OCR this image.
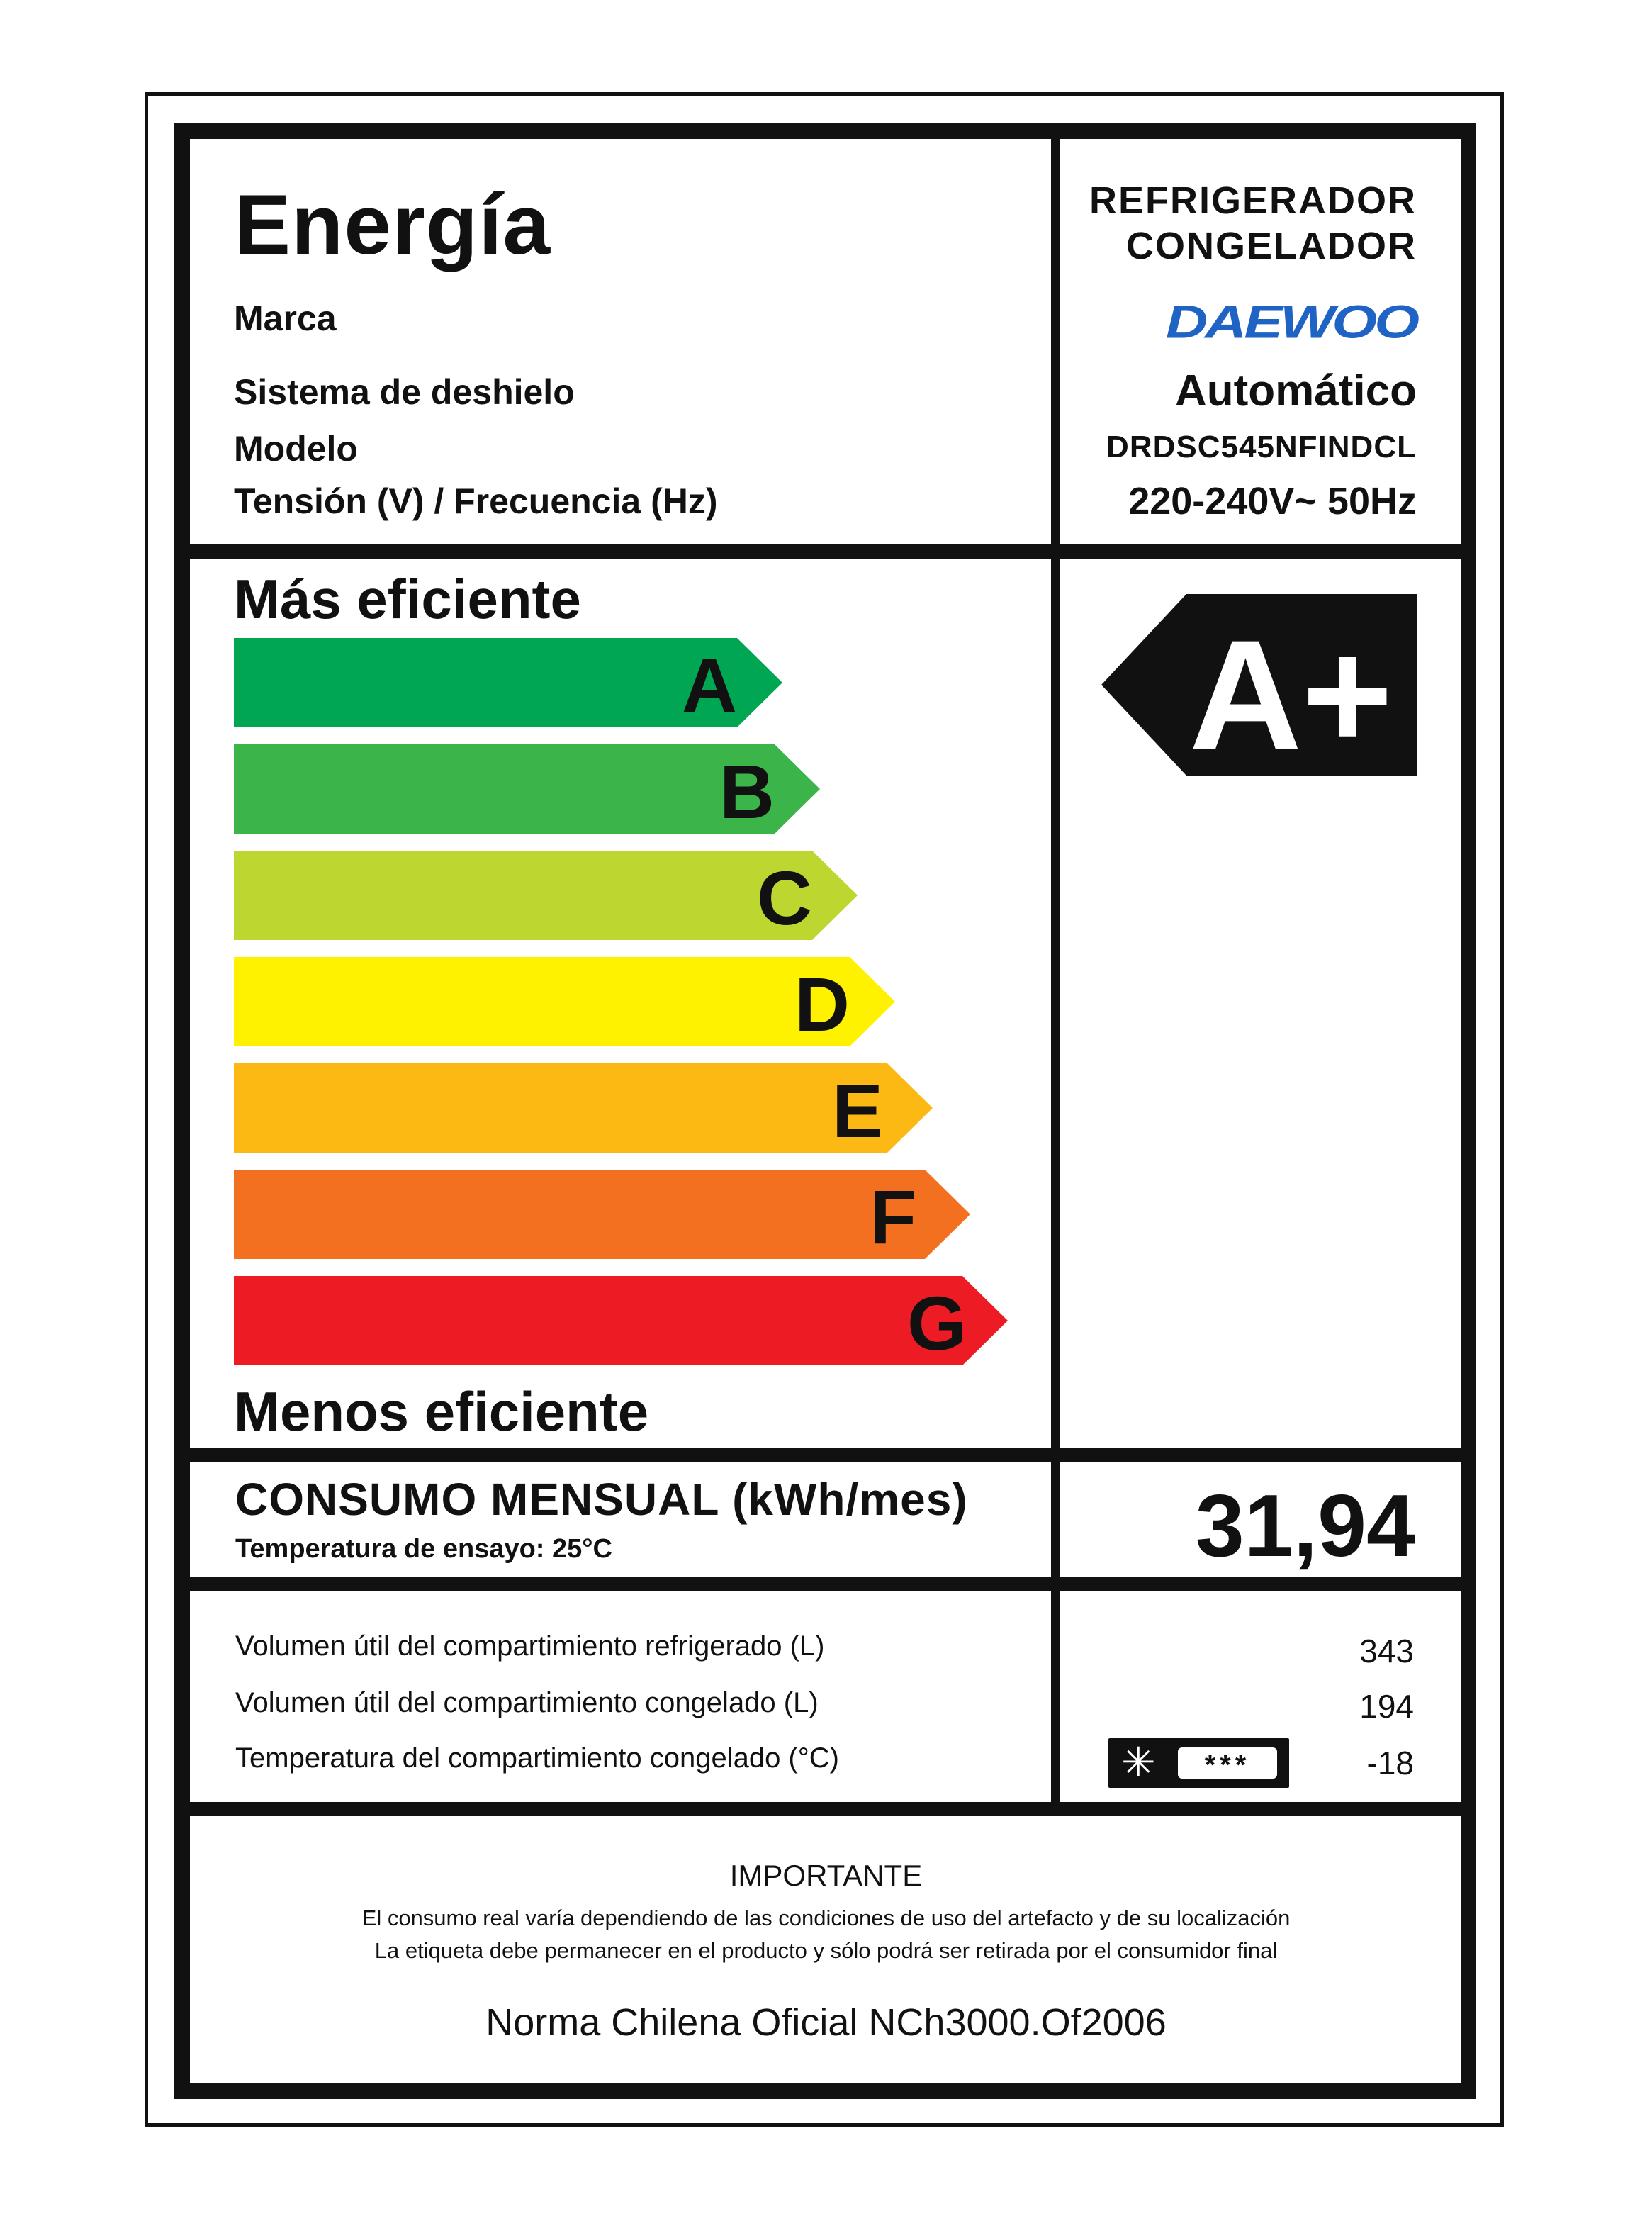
Energía
Marca
Sistema de deshielo
Modelo
Tensión (V) / Frecuencia (Hz)
REFRIGERADOR
CONGELADOR
DAEWOO
Automático
DRDSC545NFINDCL
220-240V~ 50Hz
Más eficiente
A
B
C
D
E
F
G
Menos eficiente
A+
CONSUMO MENSUAL (kWh/mes)
Temperatura de ensayo: 25°C	31,94
Volumen útil del compartimiento refrigerado (L)
Volumen útil del compartimiento congelado (L)
Temperatura del compartimiento congelado (°C)
343
194
-18
✳	***
IMPORTANTE
El consumo real varía dependiendo de las condiciones de uso del artefacto y de su localización
La etiqueta debe permanecer en el producto y sólo podrá ser retirada por el consumidor final
Norma Chilena Oficial NCh3000.Of2006
